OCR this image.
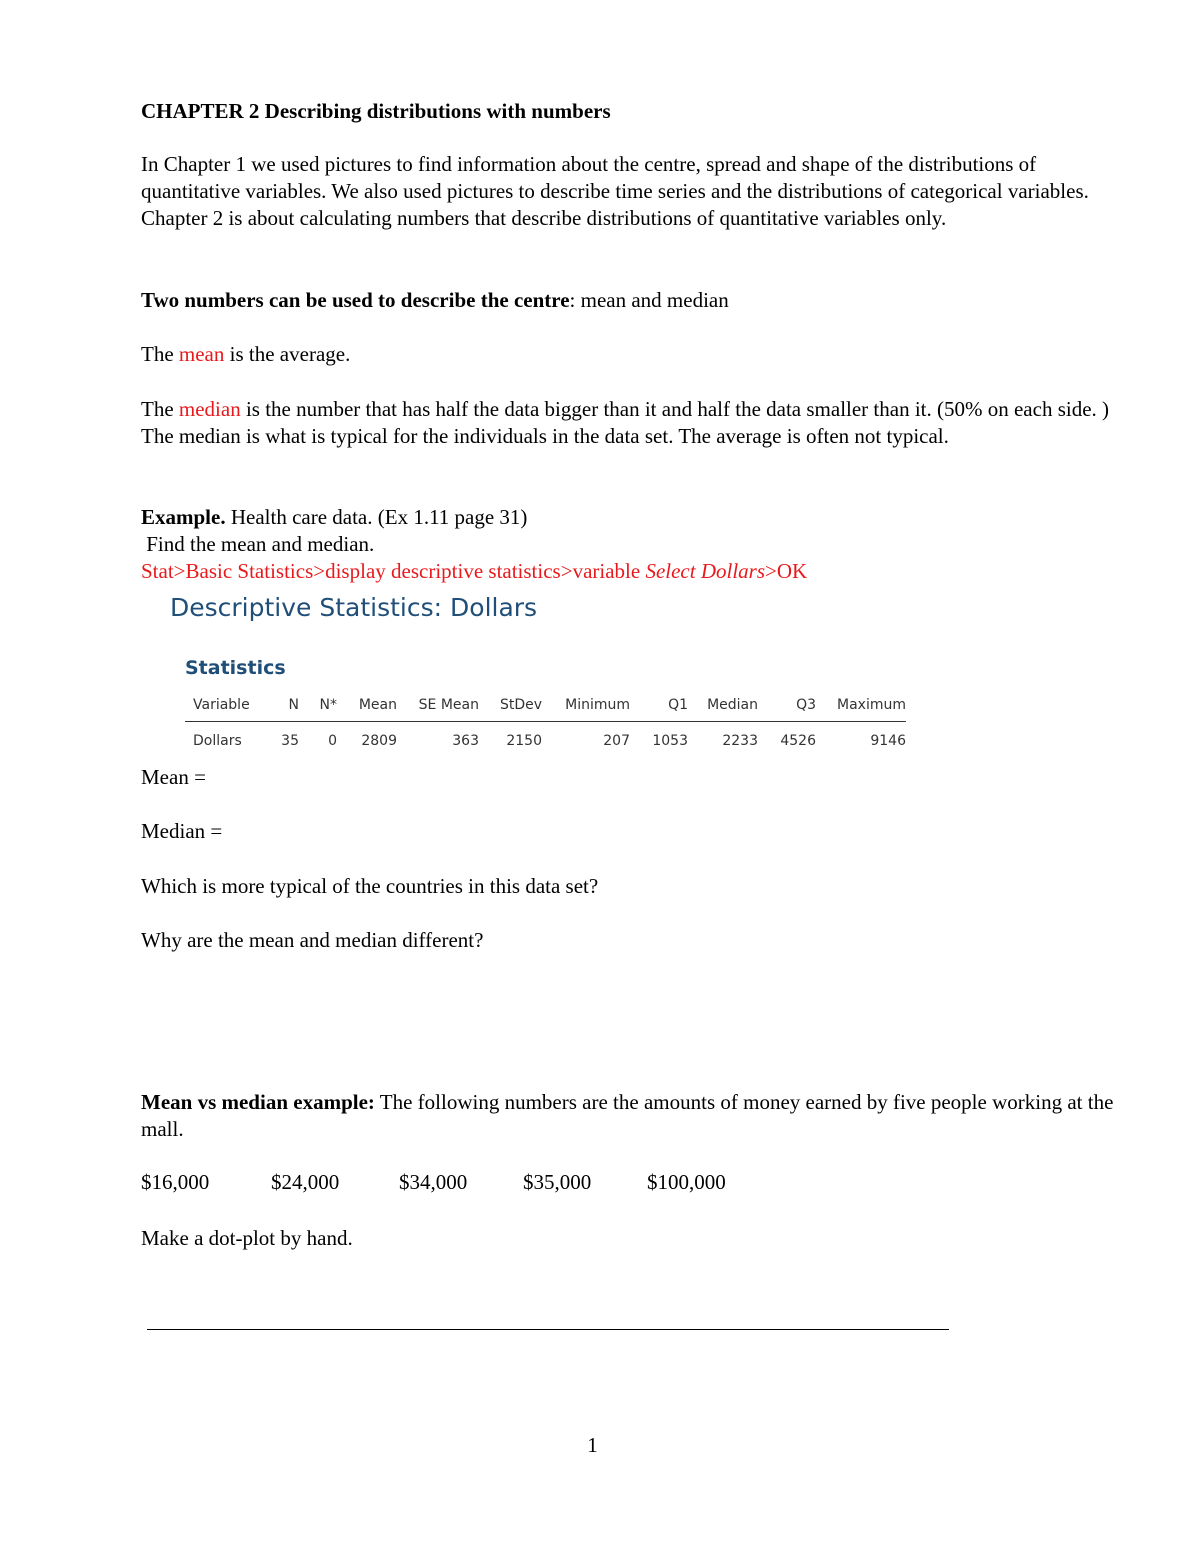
CHAPTER 2 Describing distributions with numbers

In Chapter 1 we used pictures to find information about the centre, spread and shape of the distributions of quantitative variables. We also used pictures to describe time series and the distributions of categorical variables. Chapter 2 is about calculating numbers that describe distributions of quantitative variables only.

Two numbers can be used to describe the centre: mean and median

The mean is the average.

The median is the number that has half the data bigger than it and half the data smaller than it. (50% on each side. ) The median is what is typical for the individuals in the data set. The average is often not typical.

Example. Health care data. (Ex 1.11 page 31)

Find the mean and median.

Stat>Basic Statistics>display descriptive statistics>variable Select Dollars>OK

Descriptive Statistics: Dollars
Statistics
Variable	N	N*	Mean	SE Mean	StDev	Minimum	Q1	Median	Q3	Maximum
Dollars	35	0	2809	363	2150	207	1053	2233	4526	9146

Mean =

Median =

Which is more typical of the countries in this data set?

Why are the mean and median different?

Mean vs median example: The following numbers are the amounts of money earned by five people working at the mall.

$16,000	$24,000	$34,000	$35,000	$100,000

Make a dot-plot by hand.

1
